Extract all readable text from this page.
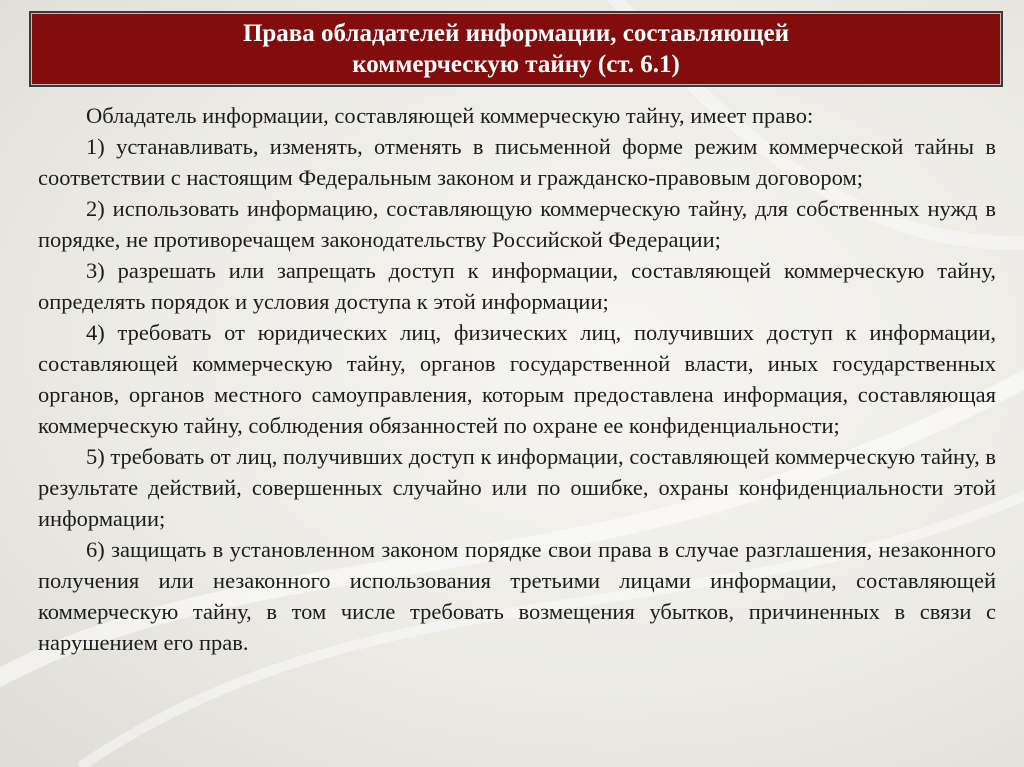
Права обладателей информации, составляющей
коммерческую тайну (ст. 6.1)

Обладатель информации, составляющей коммерческую тайну, имеет право:

1) устанавливать, изменять, отменять в письменной форме режим коммерческой тайны в соответствии с настоящим Федеральным законом и гражданско-правовым договором;

2) использовать информацию, составляющую коммерческую тайну, для собственных нужд в порядке, не противоречащем законодательству Российской Федерации;

3) разрешать или запрещать доступ к информации, составляющей коммерческую тайну, определять порядок и условия доступа к этой информации;

4) требовать от юридических лиц, физических лиц, получивших доступ к информации, составляющей коммерческую тайну, органов государственной власти, иных государственных органов, органов местного самоуправления, которым предоставлена информация, составляющая коммерческую тайну, соблюдения обязанностей по охране ее конфиденциальности;

5) требовать от лиц, получивших доступ к информации, составляющей коммерческую тайну, в результате действий, совершенных случайно или по ошибке, охраны конфиденциальности этой информации;

6) защищать в установленном законом порядке свои права в случае разглашения, незаконного получения или незаконного использования третьими лицами информации, составляющей коммерческую тайну, в том числе требовать возмещения убытков, причиненных в связи с нарушением его прав.
